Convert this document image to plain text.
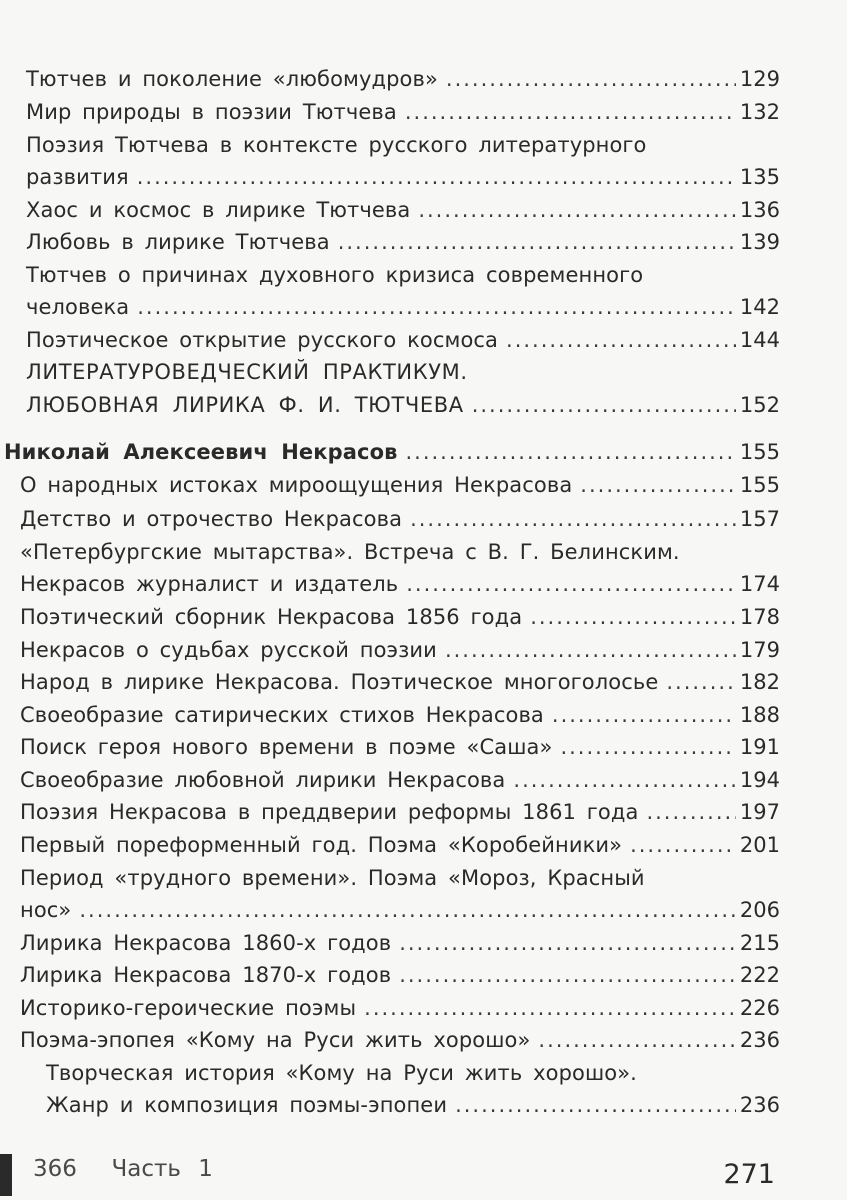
Тютчев и поколение «любомудров» .....	129
Мир природы в поэзии Тютчева .....	132
Поэзия Тютчева в контексте русского литературного
развития .....	135
Хаос и космос в лирике Тютчева .....	136
Любовь в лирике Тютчева .....	139
Тютчев о причинах духовного кризиса современного
человека .....	142
Поэтическое открытие русского космоса .....	144
ЛИТЕРАТУРОВЕДЧЕСКИЙ ПРАКТИКУМ.
ЛЮБОВНАЯ ЛИРИКА Ф. И. ТЮТЧЕВА .....	152
Николай Алексеевич Некрасов .....	155
О народных истоках мироощущения Некрасова .....	155
Детство и отрочество Некрасова .....	157
«Петербургские мытарства». Встреча с В. Г. Белинским.
Некрасов журналист и издатель .....	174
Поэтический сборник Некрасова 1856 года .....	178
Некрасов о судьбах русской поэзии .....	179
Народ в лирике Некрасова. Поэтическое многоголосье .....	182
Своеобразие сатирических стихов Некрасова .....	188
Поиск героя нового времени в поэме «Саша» .....	191
Своеобразие любовной лирики Некрасова .....	194
Поэзия Некрасова в преддверии реформы 1861 года .....	197
Первый пореформенный год. Поэма «Коробейники» .....	201
Период «трудного времени». Поэма «Мороз, Красный
нос» .....	206
Лирика Некрасова 1860-х годов .....	215
Лирика Некрасова 1870-х годов .....	222
Историко-героические поэмы .....	226
Поэма-эпопея «Кому на Руси жить хорошо» .....	236
Творческая история «Кому на Руси жить хорошо».
Жанр и композиция поэмы-эпопеи .....	236
366  Часть 1	271
